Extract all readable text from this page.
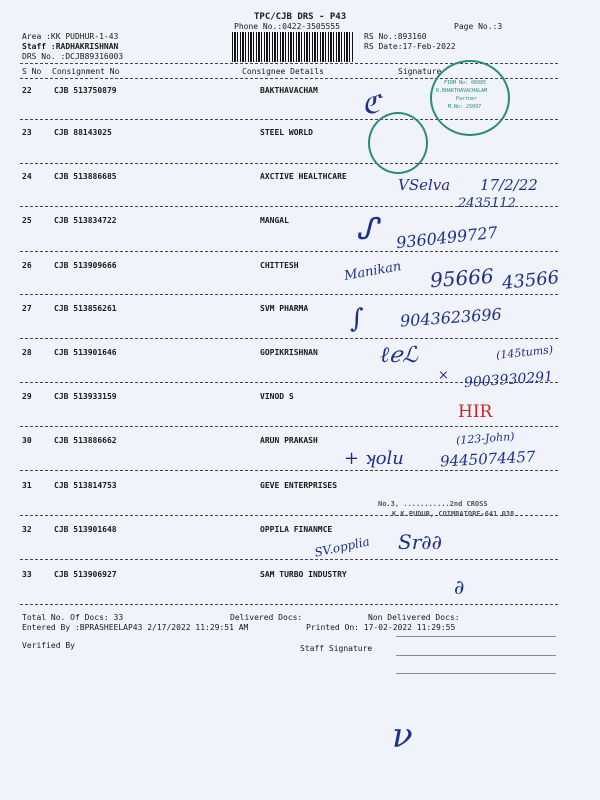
TPC/CJB DRS - P43
Phone No.:0422-3505555	Page No.:3
Area :KK PUDHUR-1-43
Staff :RADHAKRISHNAN
DRS No. :DCJB89316003
RS No.:893160
RS Date:17-Feb-2022
S No Consignment No	Consignee Details	Signature
22	CJB 513750879	BAKTHAVACHAM
23	CJB 88143025	STEEL WORLD
24	CJB 513886685	AXCTIVE HEALTHCARE
25	CJB 513834722	MANGAL
26	CJB 513909666	CHITTESH
27	CJB 513856261	SVM PHARMA
28	CJB 513901646	GOPIKRISHNAN
29	CJB 513933159	VINOD S
30	CJB 513886662	ARUN PRAKASH
31	CJB 513814753	GEVE ENTERPRISES
32	CJB 513901648	OPPILA FINANMCE
33	CJB 513906927	SAM TURBO INDUSTRY
Total No. Of Docs: 33	Delivered Docs:	Non Delivered Docs:
Entered By :BPRASHEELAP43 2/17/2022 11:29:51 AM	Printed On: 17-02-2022 11:29:55
Verified By	Staff Signature
FIRM No: 06085
R.BHAKTHAVACHALAM
Partner
M.No: 25097
No.3, ...........2nd CROSS
K.K.PUDUR, COIMBATORE-641 038
VSelva 17/2/22
2435112
9360499727
ᔑ
Manikan 95666 43566
9043623696
∫
ℓℯℒ	(145tums)
× 9003930291
HIR
(123-John)
+ ʞolu 9445074457
SV.opplia Sr∂∂
∂
ν
ℭ
